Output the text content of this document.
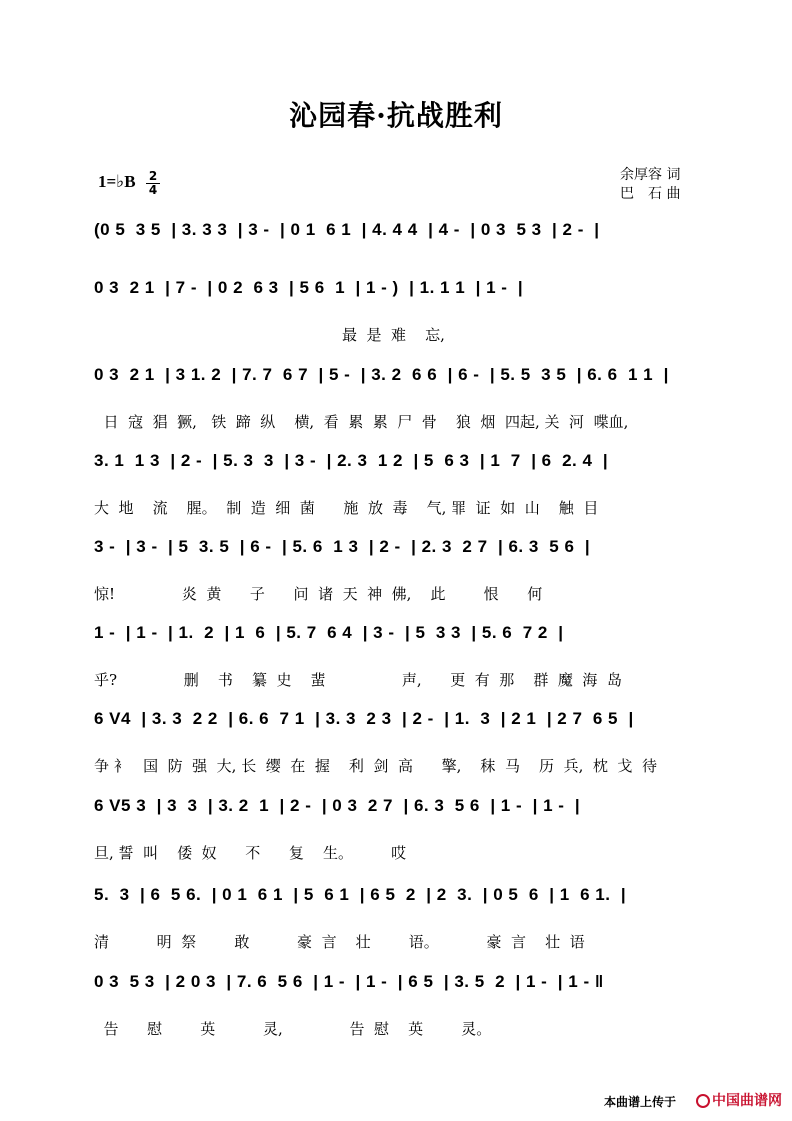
沁园春·抗战胜利
1=♭B 2
4
余厚容 词
巴　石 曲
(0 5  3 5  | 3. 3 3  | 3 -  | 0 1  6 1  | 4. 4 4  | 4 -  | 0 3  5 3  | 2 -  |
0 3  2 1  | 7 -  | 0 2  6 3  | 5 6  1  | 1 - )  | 1. 1 1  | 1 -  |
最  是  难    忘,
0 3  2 1  | 3 1. 2  | 7. 7  6 7  | 5 -  | 3. 2  6 6  | 6 -  | 5. 5  3 5  | 6. 6  1 1  |
日  寇  猖  獗,   铁  蹄  纵    横,  看  累  累  尸  骨    狼  烟  四起, 关  河  喋血,
3. 1  1 3  | 2 -  | 5. 3  3  | 3 -  | 2. 3  1 2  | 5  6 3  | 1  7  | 6  2. 4  |
大  地    流    腥。  制  造  细  菌      施  放  毒    气, 罪  证  如  山    触  目
3 -  | 3 -  | 5  3. 5  | 6 -  | 5. 6  1 3  | 2 -  | 2. 3  2 7  | 6. 3  5 6  |
惊!              炎  黄      子      问  诸  天  神  佛,    此        恨      何
1 -  | 1 -  | 1.  2  | 1  6  | 5. 7  6 4  | 3 -  | 5  3 3  | 5. 6  7 2  |
乎?              删    书    纂  史    蜚                声,      更  有  那    群  魔  海  岛
6 V4  | 3. 3  2 2  | 6. 6  7 1  | 3. 3  2 3  | 2 -  | 1.  3  | 2 1  | 2 7  6 5  |
争 衤   国  防  强  大, 长  缨  在  握    利  剑  高      擎,    秣  马    历  兵,  枕  戈  待
6 V5 3  | 3  3  | 3. 2  1  | 2 -  | 0 3  2 7  | 6. 3  5 6  | 1 -  | 1 -  |
旦, 誓  叫    倭  奴      不      复    生。        哎
5.  3  | 6  5 6.  | 0 1  6 1  | 5  6 1  | 6 5  2  | 2  3.  | 0 5  6  | 1  6 1.  |
清          明  祭        敢          豪  言    壮        语。          豪  言    壮  语
0 3  5 3  | 2 0 3  | 7. 6  5 6  | 1 -  | 1 -  | 6 5  | 3. 5  2  | 1 -  | 1 - ‖
告      慰        英          灵,              告  慰    英        灵。
本曲谱上传于	中国曲谱网
